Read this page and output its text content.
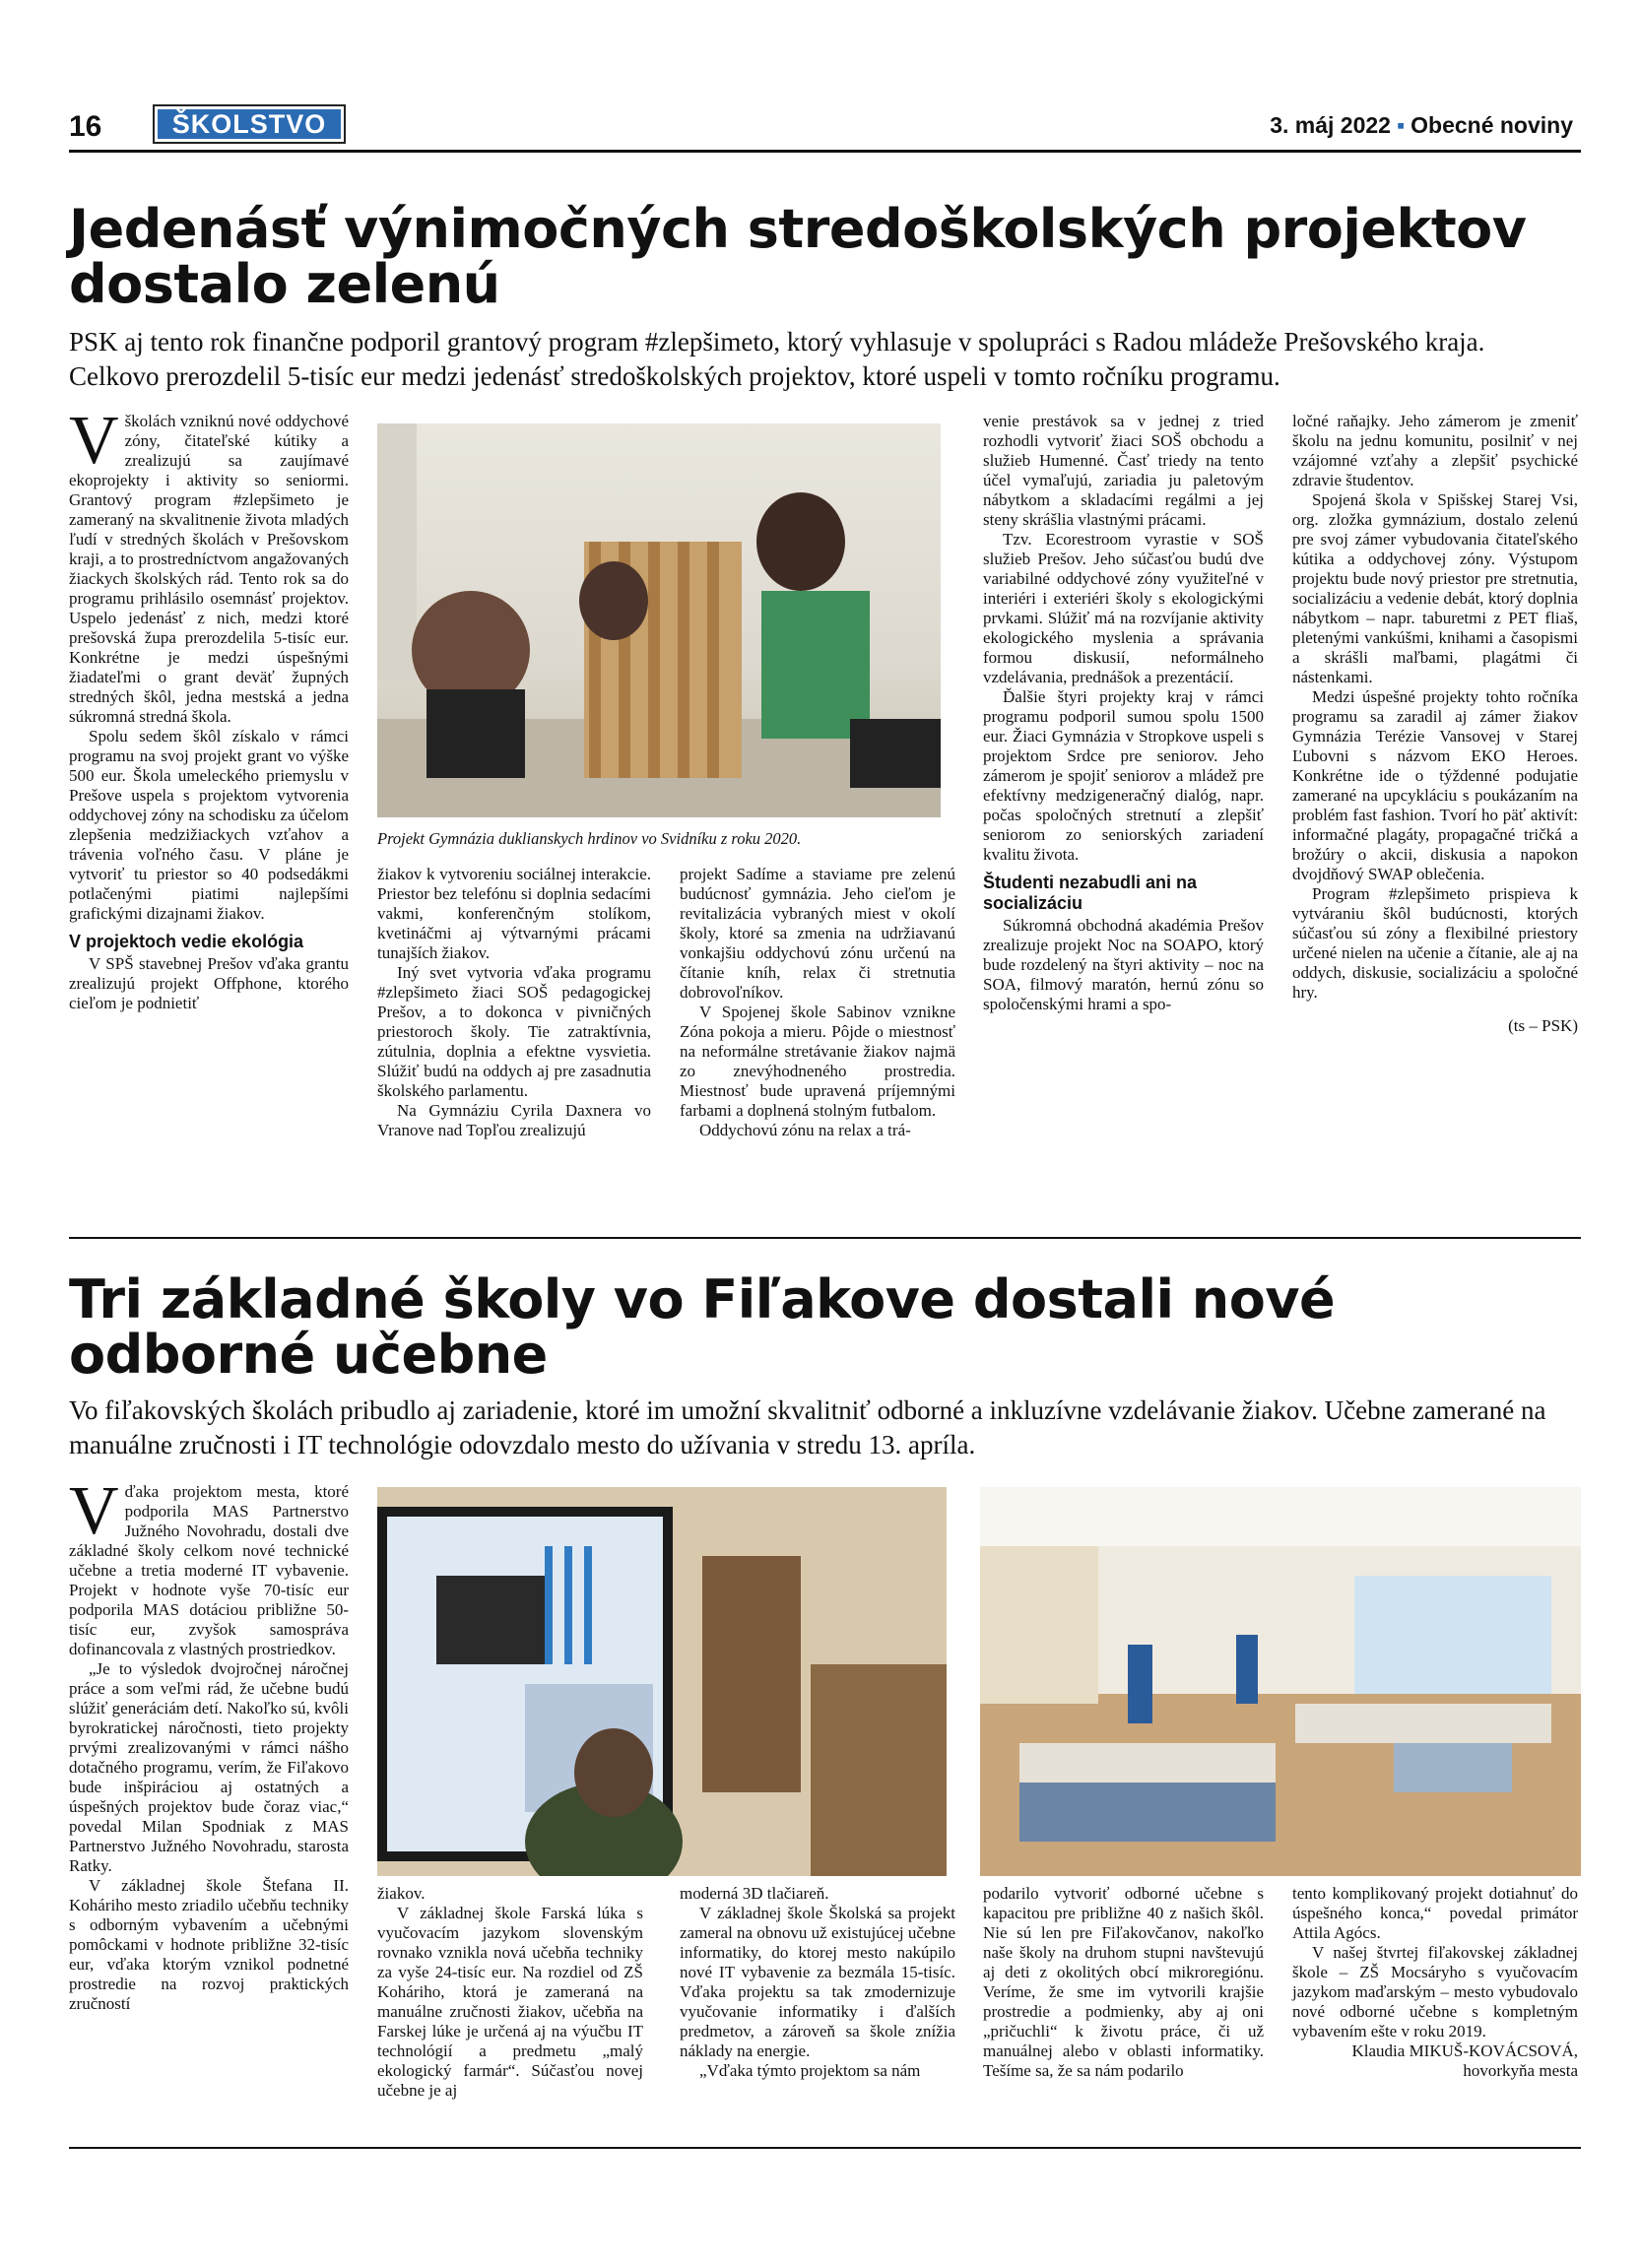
16	ŠKOLSTVO	3. máj 2022 ▪ Obecné noviny
Jedenásť výnimočných stredoškolských projektov dostalo zelenú
PSK aj tento rok finančne podporil grantový program #zlepšimeto, ktorý vyhlasuje v spolupráci s Radou mládeže Prešovského kraja. Celkovo prerozdelil 5-tisíc eur medzi jedenásť stredoškolských projektov, ktoré uspeli v tomto ročníku programu.
V školách vzniknú nové oddychové zóny, čitateľské kútiky a zrealizujú sa zaujímavé ekoprojekty i aktivity so seniormi. Grantový program #zlepšimeto je zameraný na skvalitnenie života mladých ľudí v stredných školách v Prešovskom kraji, a to prostredníctvom angažovaných žiackych školských rád. Tento rok sa do programu prihlásilo osemnásť projektov. Uspelo jedenásť z nich, medzi ktoré prešovská župa prerozdelila 5-tisíc eur. Konkrétne je medzi úspešnými žiadateľmi o grant deväť župných stredných škôl, jedna mestská a jedna súkromná stredná škola.

Spolu sedem škôl získalo v rámci programu na svoj projekt grant vo výške 500 eur. Škola umeleckého priemyslu v Prešove uspela s projektom vytvorenia oddychovej zóny na schodisku za účelom zlepšenia medzižiackych vzťahov a trávenia voľného času. V pláne je vytvoriť tu priestor so 40 podsedákmi potlačenými piatimi najlepšími grafickými dizajnami žiakov.

V projektoch vedie ekológia

V SPŠ stavebnej Prešov vďaka grantu zrealizujú projekt Offphone, ktorého cieľom je podnietiť

Projekt Gymnázia duklianskych hrdinov vo Svidníku z roku 2020.

žiakov k vytvoreniu sociálnej interakcie. Priestor bez telefónu si doplnia sedacími vakmi, konferenčným stolíkom, kvetináčmi aj výtvarnými prácami tunajších žiakov.

Iný svet vytvoria vďaka programu #zlepšimeto žiaci SOŠ pedagogickej Prešov, a to dokonca v pivničných priestoroch školy. Tie zatraktívnia, zútulnia, doplnia a efektne vysvietia. Slúžiť budú na oddych aj pre zasadnutia školského parlamentu.

Na Gymnáziu Cyrila Daxnera vo Vranove nad Topľou zrealizujú

projekt Sadíme a staviame pre zelenú budúcnosť gymnázia. Jeho cieľom je revitalizácia vybraných miest v okolí školy, ktoré sa zmenia na udržiavanú vonkajšiu oddychovú zónu určenú na čítanie kníh, relax či stretnutia dobrovoľníkov.

V Spojenej škole Sabinov vznikne Zóna pokoja a mieru. Pôjde o miestnosť na neformálne stretávanie žiakov najmä zo znevýhodneného prostredia. Miestnosť bude upravená príjemnými farbami a doplnená stolným futbalom.

Oddychovú zónu na relax a trá-

venie prestávok sa v jednej z tried rozhodli vytvoriť žiaci SOŠ obchodu a služieb Humenné. Časť triedy na tento účel vymaľujú, zariadia ju paletovým nábytkom a skladacími regálmi a jej steny skrášlia vlastnými prácami.

Tzv. Ecorestroom vyrastie v SOŠ služieb Prešov. Jeho súčasťou budú dve variabilné oddychové zóny využiteľné v interiéri i exteriéri školy s ekologickými prvkami. Slúžiť má na rozvíjanie aktivity ekologického myslenia a správania formou diskusií, neformálneho vzdelávania, prednášok a prezentácií.

Ďalšie štyri projekty kraj v rámci programu podporil sumou spolu 1500 eur. Žiaci Gymnázia v Stropkove uspeli s projektom Srdce pre seniorov. Jeho zámerom je spojiť seniorov a mládež pre efektívny medzigeneračný dialóg, napr. počas spoločných stretnutí a zlepšiť seniorom zo seniorských zariadení kvalitu života.

Študenti nezabudli ani na socializáciu

Súkromná obchodná akadémia Prešov zrealizuje projekt Noc na SOAPO, ktorý bude rozdelený na štyri aktivity – noc na SOA, filmový maratón, hernú zónu so spoločenskými hrami a spo-

ločné raňajky. Jeho zámerom je zmeniť školu na jednu komunitu, posilniť v nej vzájomné vzťahy a zlepšiť psychické zdravie študentov.

Spojená škola v Spišskej Starej Vsi, org. zložka gymnázium, dostalo zelenú pre svoj zámer vybudovania čitateľského kútika a oddychovej zóny. Výstupom projektu bude nový priestor pre stretnutia, socializáciu a vedenie debát, ktorý doplnia nábytkom – napr. taburetmi z PET fliaš, pletenými vankúšmi, knihami a časopismi a skrášli maľbami, plagátmi či nástenkami.

Medzi úspešné projekty tohto ročníka programu sa zaradil aj zámer žiakov Gymnázia Terézie Vansovej v Starej Ľubovni s názvom EKO Heroes. Konkrétne ide o týždenné podujatie zamerané na upcykláciu s poukázaním na problém fast fashion. Tvorí ho päť aktivít: informačné plagáty, propagačné tričká a brožúry o akcii, diskusia a napokon dvojdňový SWAP oblečenia.

Program #zlepšimeto prispieva k vytváraniu škôl budúcnosti, ktorých súčasťou sú zóny a flexibilné priestory určené nielen na učenie a čítanie, ale aj na oddych, diskusie, socializáciu a spoločné hry.

(ts – PSK)
Tri základné školy vo Fiľakove dostali nové odborné učebne
Vo fiľakovských školách pribudlo aj zariadenie, ktoré im umožní skvalitniť odborné a inkluzívne vzdelávanie žiakov. Učebne zamerané na manuálne zručnosti i IT technológie odovzdalo mesto do užívania v stredu 13. apríla.
V ďaka projektom mesta, ktoré podporila MAS Partnerstvo Južného Novohradu, dostali dve základné školy celkom nové technické učebne a tretia moderné IT vybavenie. Projekt v hodnote vyše 70-tisíc eur podporila MAS dotáciou približne 50-tisíc eur, zvyšok samospráva dofinancovala z vlastných prostriedkov.

„Je to výsledok dvojročnej náročnej práce a som veľmi rád, že učebne budú slúžiť generáciám detí. Nakoľko sú, kvôli byrokratickej náročnosti, tieto projekty prvými zrealizovanými v rámci nášho dotačného programu, verím, že Fiľakovo bude inšpiráciou aj ostatných a úspešných projektov bude čoraz viac,“ povedal Milan Spodniak z MAS Partnerstvo Južného Novohradu, starosta Ratky.

V základnej škole Štefana II. Koháriho mesto zriadilo učebňu techniky s odborným vybavením a učebnými pomôckami v hodnote približne 32-tisíc eur, vďaka ktorým vznikol podnetné prostredie na rozvoj praktických zručností

žiakov.

V základnej škole Farská lúka s vyučovacím jazykom slovenským rovnako vznikla nová učebňa techniky za vyše 24-tisíc eur. Na rozdiel od ZŠ Koháriho, ktorá je zameraná na manuálne zručnosti žiakov, učebňa na Farskej lúke je určená aj na výučbu IT technológií a predmetu „malý ekologický farmár“. Súčasťou novej učebne je aj

moderná 3D tlačiareň.

V základnej škole Školská sa projekt zameral na obnovu už existujúcej učebne informatiky, do ktorej mesto nakúpilo nové IT vybavenie za bezmála 15-tisíc. Vďaka projektu sa tak zmodernizuje vyučovanie informatiky i ďalších predmetov, a zároveň sa škole znížia náklady na energie.

„Vďaka týmto projektom sa nám

podarilo vytvoriť odborné učebne s kapacitou pre približne 40 z našich škôl. Nie sú len pre Fiľakovčanov, nakoľko naše školy na druhom stupni navštevujú aj deti z okolitých obcí mikroregiónu. Veríme, že sme im vytvorili krajšie prostredie a podmienky, aby aj oni „pričuchli“ k životu práce, či už manuálnej alebo v oblasti informatiky. Tešíme sa, že sa nám podarilo

tento komplikovaný projekt dotiahnuť do úspešného konca,“ povedal primátor Attila Agócs.

V našej štvrtej fiľakovskej základnej škole – ZŠ Mocsáryho s vyučovacím jazykom maďarským – mesto vybudovalo nové odborné učebne s kompletným vybavením ešte v roku 2019.

Klaudia MIKUŠ-KOVÁCSOVÁ,
hovorkyňa mesta
